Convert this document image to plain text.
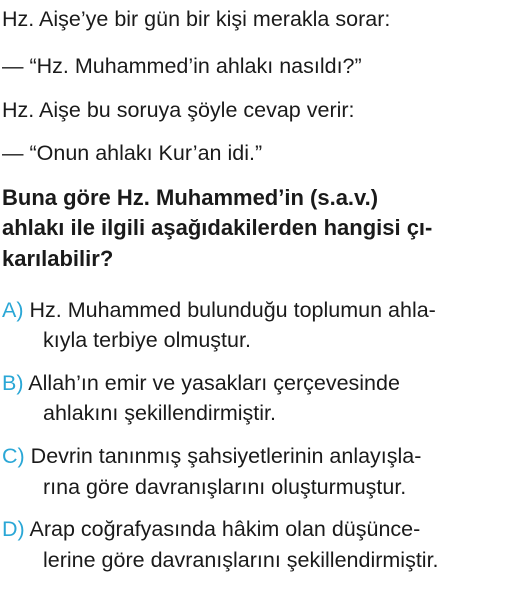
Hz. Aişe’ye bir gün bir kişi merakla sorar:
— “Hz. Muhammed’in ahlakı nasıldı?”
Hz. Aişe bu soruya şöyle cevap verir:
— “Onun ahlakı Kur’an idi.”
Buna göre Hz. Muhammed’in (s.a.v.)
ahlakı ile ilgili aşağıdakilerden hangisi çı-
karılabilir?
A) Hz. Muhammed bulunduğu toplumun ahla-
kıyla terbiye olmuştur.
B) Allah’ın emir ve yasakları çerçevesinde
ahlakını şekillendirmiştir.
C) Devrin tanınmış şahsiyetlerinin anlayışla-
rına göre davranışlarını oluşturmuştur.
D) Arap coğrafyasında hâkim olan düşünce-
lerine göre davranışlarını şekillendirmiştir.
